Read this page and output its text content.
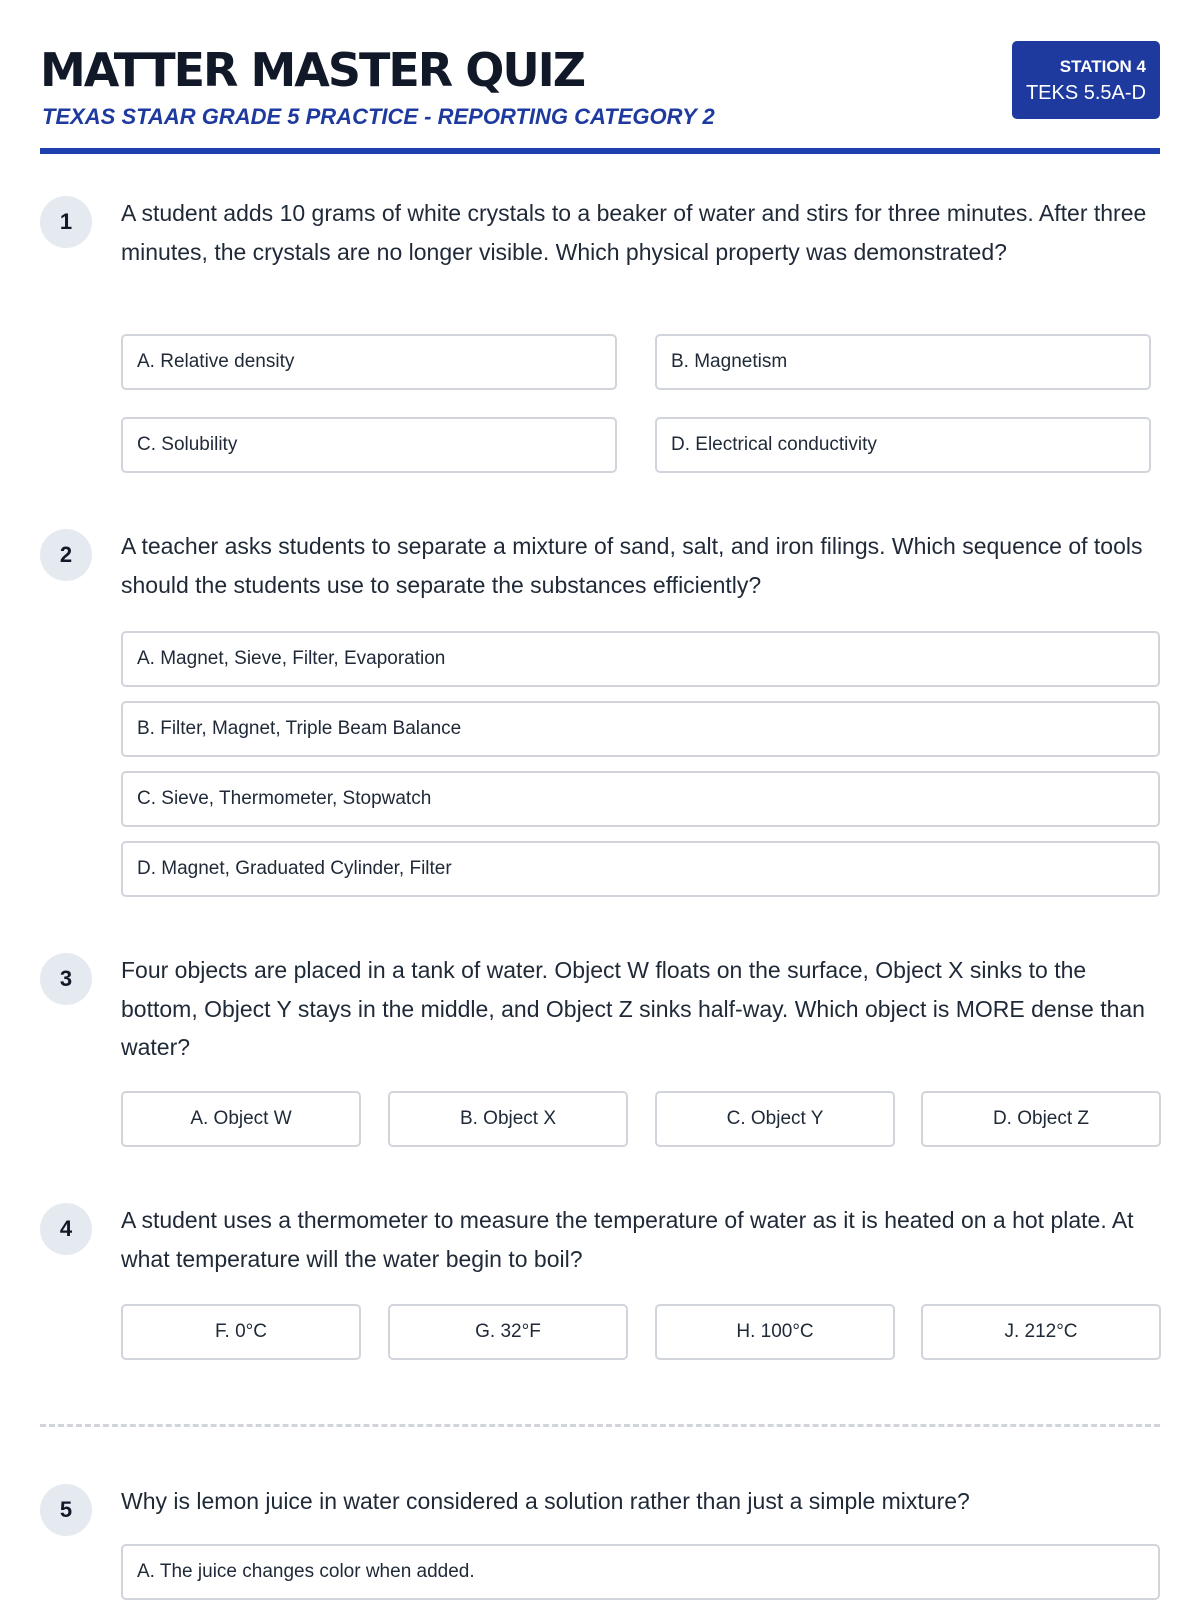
MATTER MASTER QUIZ

TEXAS STAAR GRADE 5 PRACTICE - REPORTING CATEGORY 2

STATION 4
TEKS 5.5A-D
1	A student adds 10 grams of white crystals to a beaker of water and stirs for three minutes. After three minutes, the crystals are no longer visible. Which physical property was demonstrated?

A. Relative density	B. Magnetism
C. Solubility	D. Electrical conductivity
2	A teacher asks students to separate a mixture of sand, salt, and iron filings. Which sequence of tools should the students use to separate the substances efficiently?

A. Magnet, Sieve, Filter, Evaporation
B. Filter, Magnet, Triple Beam Balance
C. Sieve, Thermometer, Stopwatch
D. Magnet, Graduated Cylinder, Filter
3	Four objects are placed in a tank of water. Object W floats on the surface, Object X sinks to the bottom, Object Y stays in the middle, and Object Z sinks half-way. Which object is MORE dense than water?

A. Object W	B. Object X	C. Object Y	D. Object Z
4	A student uses a thermometer to measure the temperature of water as it is heated on a hot plate. At what temperature will the water begin to boil?

F. 0°C	G. 32°F	H. 100°C	J. 212°C
5	Why is lemon juice in water considered a solution rather than just a simple mixture?

A. The juice changes color when added.
